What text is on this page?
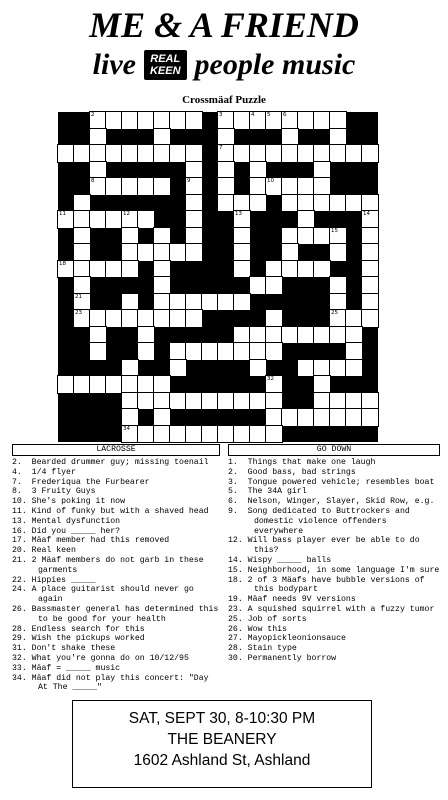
ME & A FRIEND
live REAL
KEEN people music
Crossmäaf Puzzle
2	3	4 5 6
7
8	9	10
11	12	13	14
15
18
21
23	25
32
34
LACROSSE
2.  Bearded drummer guy; missing toenail
4.  1/4 flyer
7.  Frederiqua the Furbearer
8.  3 Fruity Guys
10. She's poking it now
11. Kind of funky but with a shaved head
13. Mental dysfunction
16. Did you _____ her?
17. Mäaf member had this removed
20. Real keen
21. 2 Mäaf members do not garb in these garments
22. Hippies _____
24. A place guitarist should never go again
26. Bassmaster general has determined this to be good for your health
28. Endless search for this
29. Wish the pickups worked
31. Don't shake these
32. What you're gonna do on 10/12/95
33. Mäaf = _____ music
34. Mäaf did not play this concert: "Day At The _____"
GO DOWN
1.  Things that make one laugh
2.  Good bass, bad strings
3.  Tongue powered vehicle; resembles boat
5.  The 34A girl
6.  Nelson, Winger, Slayer, Skid Row, e.g.
9.  Song dedicated to Buttrockers and domestic violence offenders everywhere
12. Will bass player ever be able to do this?
14. Wispy _____ balls
15. Neighborhood, in some language I'm sure
18. 2 of 3 Mäafs have bubble versions of this bodypart
19. Mäaf needs 9V versions
23. A squished squirrel with a fuzzy tumor
25. Job of sorts
26. Wow this
27. Mayopickleonionsauce
28. Stain type
30. Permanently borrow
SAT, SEPT 30, 8-10:30 PM
THE BEANERY
1602 Ashland St, Ashland
